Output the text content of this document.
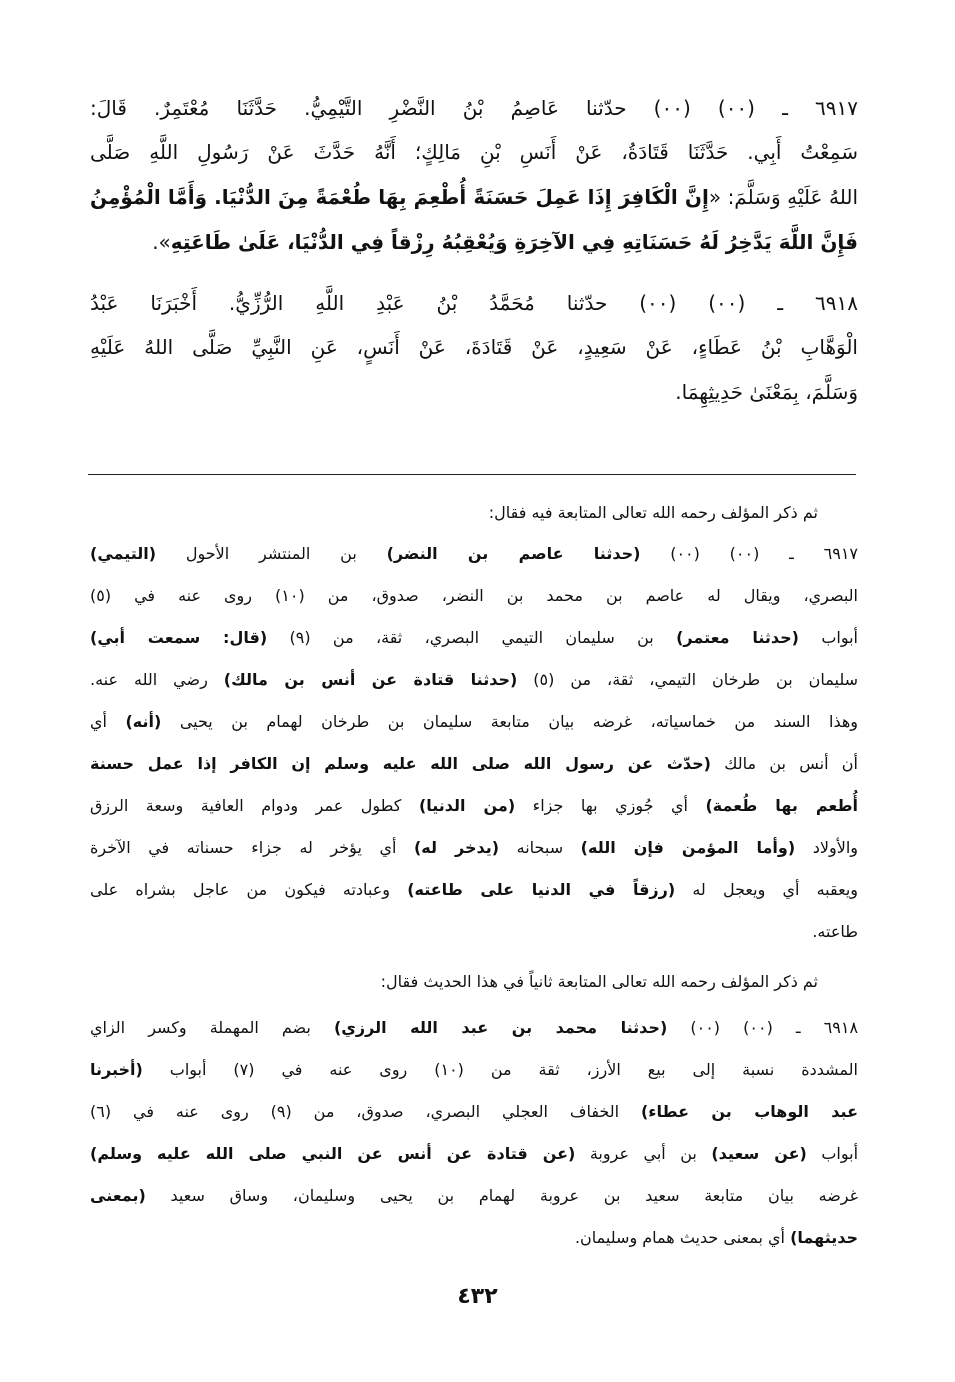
٦٩١٧ ـ (٠٠) (٠٠) حدّثنا عَاصِمُ بْنُ النَّضْرِ التَّيْمِيُّ. حَدَّثَنَا مُعْتَمِرٌ. قَالَ:
سَمِعْتُ أَبِي. حَدَّثَنَا قَتَادَةُ، عَنْ أَنَسِ بْنِ مَالِكٍ؛ أَنَّهُ حَدَّثَ عَنْ رَسُولِ اللَّهِ صَلَّى
اللهُ عَلَيْهِ وَسَلَّمَ: «إِنَّ الْكَافِرَ إِذَا عَمِلَ حَسَنَةً أُطْعِمَ بِهَا طُعْمَةً مِنَ الدُّنْيَا. وَأَمَّا الْمُؤْمِنُ
فَإِنَّ اللَّهَ يَدَّخِرُ لَهُ حَسَنَاتِهِ فِي الآخِرَةِ وَيُعْقِبُهُ رِزْقاً فِي الدُّنْيَا، عَلَىٰ طَاعَتِهِ».
٦٩١٨ ـ (٠٠) (٠٠) حدّثنا مُحَمَّدُ بْنُ عَبْدِ اللَّهِ الرُّزِّيُّ. أَخْبَرَنَا عَبْدُ
الْوَهَّابِ بْنُ عَطَاءٍ، عَنْ سَعِيدٍ، عَنْ قَتَادَةَ، عَنْ أَنَسٍ، عَنِ النَّبِيِّ صَلَّى اللهُ عَلَيْهِ
وَسَلَّمَ، بِمَعْنَىٰ حَدِيثِهِمَا.
ثم ذكر المؤلف رحمه الله تعالى المتابعة فيه فقال:
٦٩١٧ ـ (٠٠) (٠٠) (حدثنا عاصم بن النضر) بن المنتشر الأحول (التيمي)
البصري، ويقال له عاصم بن محمد بن النضر، صدوق، من (١٠) روى عنه في (٥)
أبواب (حدثنا معتمر) بن سليمان التيمي البصري، ثقة، من (٩) (قال: سمعت أبي)
سليمان بن طرخان التيمي، ثقة، من (٥) (حدثنا قتادة عن أنس بن مالك) رضي الله عنه.
وهذا السند من خماسياته، غرضه بيان متابعة سليمان بن طرخان لهمام بن يحيى (أنه) أي
أن أنس بن مالك (حدّث عن رسول الله صلى الله عليه وسلم إن الكافر إذا عمل حسنة
أُطعم بها طُعمة) أي جُوزي بها جزاء (من الدنيا) كطول عمر ودوام العافية وسعة الرزق
والأولاد (وأما المؤمن فإن الله) سبحانه (يدخر له) أي يؤخر له جزاء حسناته في الآخرة
ويعقبه أي ويعجل له (رزقاً في الدنيا على طاعته) وعبادته فيكون من عاجل بشراه على
طاعته.
ثم ذكر المؤلف رحمه الله تعالى المتابعة ثانياً في هذا الحديث فقال:
٦٩١٨ ـ (٠٠) (٠٠) (حدثنا محمد بن عبد الله الرزي) بضم المهملة وكسر الزاي
المشددة نسبة إلى بيع الأرز، ثقة من (١٠) روى عنه في (٧) أبواب (أخبرنا
عبد الوهاب بن عطاء) الخفاف العجلي البصري، صدوق، من (٩) روى عنه في (٦)
أبواب (عن سعيد) بن أبي عروبة (عن قتادة عن أنس عن النبي صلى الله عليه وسلم)
غرضه بيان متابعة سعيد بن عروبة لهمام بن يحيى وسليمان، وساق سعيد (بمعنى
حديثهما) أي بمعنى حديث همام وسليمان.
٤٣٢
